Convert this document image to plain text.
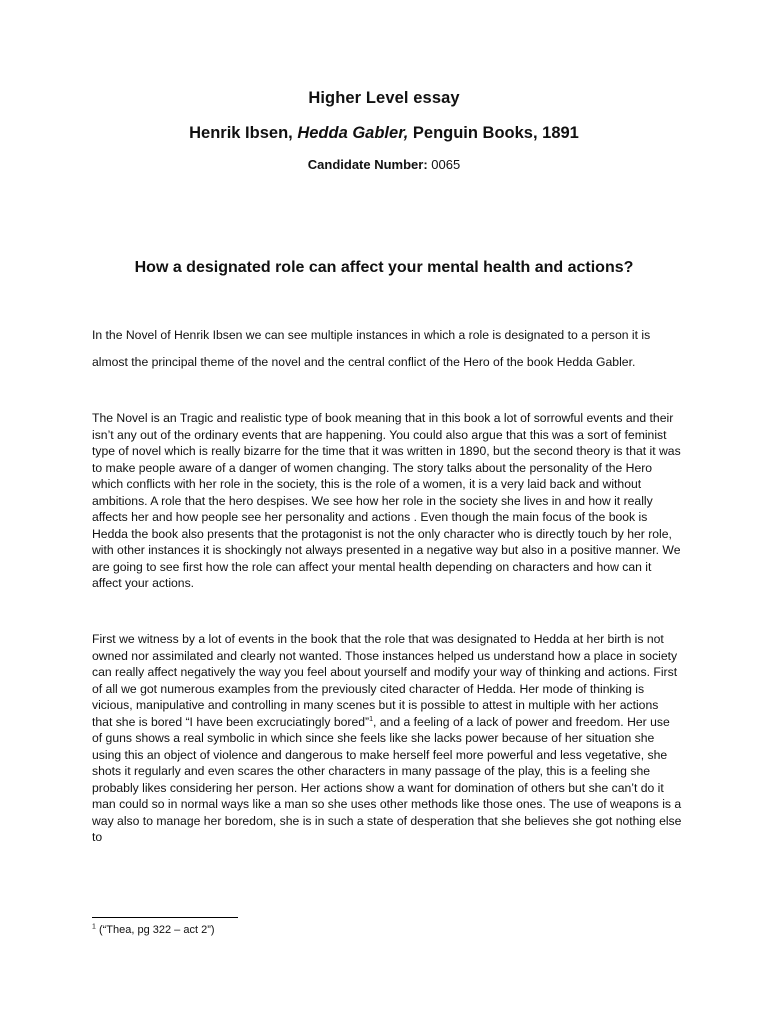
Higher Level essay
Henrik Ibsen, Hedda Gabler, Penguin Books, 1891
Candidate Number: 0065
How a designated role can affect your mental health and actions?

In the Novel of Henrik Ibsen we can see multiple instances in which a role is designated to a person it is almost the principal theme of the novel and the central conflict of the Hero of the book Hedda Gabler.

The Novel is an Tragic and realistic type of book meaning that in this book a lot of sorrowful events and their isn’t any out of the ordinary events that are happening. You could also argue that this was a sort of feminist type of novel which is really bizarre for the time that it was written in 1890, but the second theory is that it was to make people aware of a danger of women changing. The story talks about the personality of the Hero which conflicts with her role in the society, this is the role of a women, it is a very laid back and without ambitions. A role that the hero despises. We see how her role in the society she lives in and how it really affects her and how people see her personality and actions . Even though the main focus of the book is Hedda the book also presents that the protagonist is not the only character who is directly touch by her role, with other instances it is shockingly not always presented in a negative way but also in a positive manner. We are going to see first how the role can affect your mental health depending on characters and how can it affect your actions.

First we witness by a lot of events in the book that the role that was designated to Hedda at her birth is not owned nor assimilated and clearly not wanted. Those instances helped us understand how a place in society can really affect negatively the way you feel about yourself and modify your way of thinking and actions. First of all we got numerous examples from the previously cited character of Hedda. Her mode of thinking is vicious, manipulative and controlling in many scenes but it is possible to attest in multiple with her actions that she is bored “I have been excruciatingly bored”$^1$, and a feeling of a lack of power and freedom. Her use of guns shows a real symbolic in which since she feels like she lacks power because of her situation she using this an object of violence and dangerous to make herself feel more powerful and less vegetative, she shots it regularly and even scares the other characters in many passage of the play, this is a feeling she probably likes considering her person. Her actions show a want for domination of others but she can’t do it man could so in normal ways like a man so she uses other methods like those ones. The use of weapons is a way also to manage her boredom, she is in such a state of desperation that she believes she got nothing else to

$^1$ (“Thea, pg 322 – act 2”)
